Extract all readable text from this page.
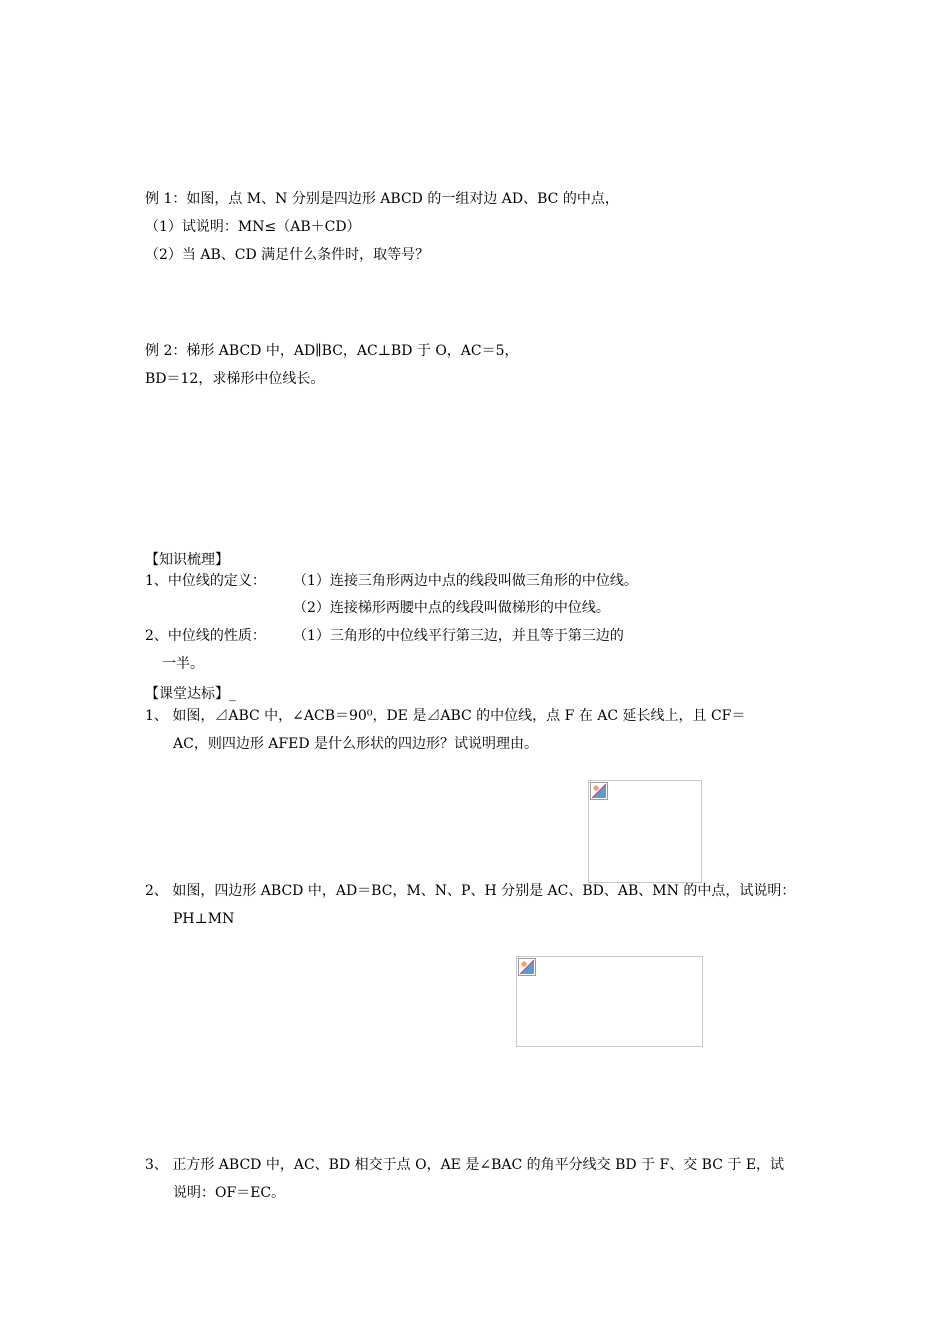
例 1：如图，点 M、N 分别是四边形 ABCD 的一组对边 AD、BC 的中点，
（1）试说明：MN≤（AB＋CD）
（2）当 AB、CD 满足什么条件时，取等号？
例 2：梯形 ABCD 中，AD∥BC，AC⊥BD 于 O，AC＝5，
BD＝12，求梯形中位线长。
【知识梳理】
1、中位线的定义： （1）连接三角形两边中点的线段叫做三角形的中位线。
（2）连接梯形两腰中点的线段叫做梯形的中位线。
2、中位线的性质： （1）三角形的中位线平行第三边，并且等于第三边的
一半。
【课堂达标】_
1、 如图，⊿ABC 中，∠ACB＝90⁰，DE 是⊿ABC 的中位线，点 F 在 AC 延长线上，且 CF＝
AC，则四边形 AFED 是什么形状的四边形？试说明理由。
2、 如图，四边形 ABCD 中，AD＝BC，M、N、P、H 分别是 AC、BD、AB、MN 的中点，试说明：
PH⊥MN
3、 正方形 ABCD 中，AC、BD 相交于点 O，AE 是∠BAC 的角平分线交 BD 于 F、交 BC 于 E，试
说明：OF＝EC。
